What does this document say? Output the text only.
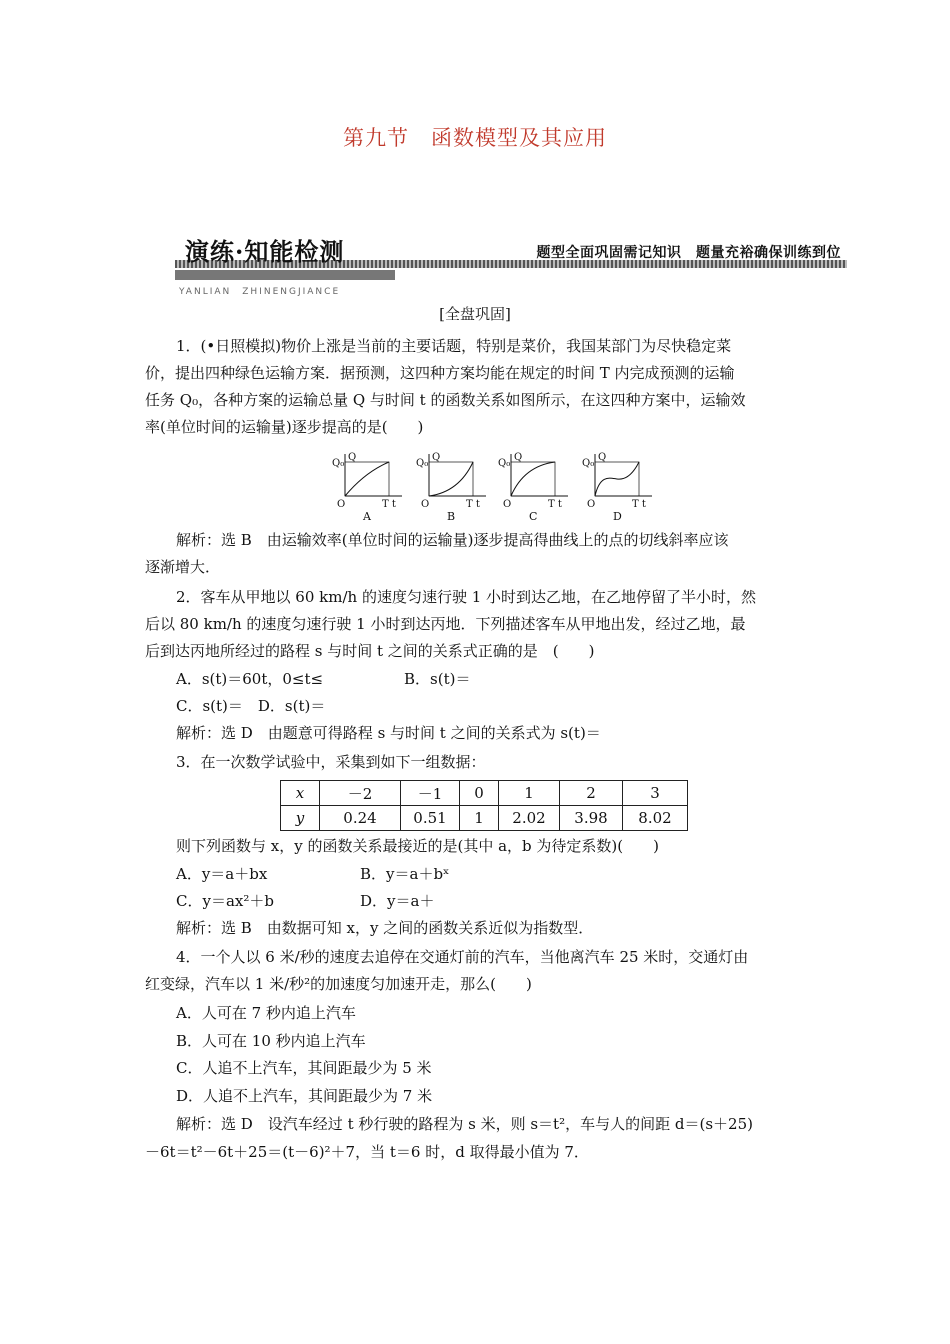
第九节　函数模型及其应用
演练·知能检测
YANLIAN　ZHINENGJIANCE
题型全面巩固需记知识　题量充裕确保训练到位
[全盘巩固]
1．(•日照模拟)物价上涨是当前的主要话题，特别是菜价，我国某部门为尽快稳定菜
价，提出四种绿色运输方案．据预测，这四种方案均能在规定的时间 T 内完成预测的运输
任务 Q₀，各种方案的运输总量 Q 与时间 t 的函数关系如图所示，在这四种方案中，运输效
率(单位时间的运输量)逐步提高的是(　　)
Q₀
Q
O	T t
A
Q₀
Q
O	T t
B
Q₀
Q
O	T t
C
Q₀
Q
O	T t
D
解析：选 B　由运输效率(单位时间的运输量)逐步提高得曲线上的点的切线斜率应该
逐渐增大．
2．客车从甲地以 60 km/h 的速度匀速行驶 1 小时到达乙地，在乙地停留了半小时，然
后以 80 km/h 的速度匀速行驶 1 小时到达丙地．下列描述客车从甲地出发，经过乙地，最
后到达丙地所经过的路程 s 与时间 t 之间的关系式正确的是　(　　)
A．s(t)＝60t，0≤t≤	B．s(t)＝
C．s(t)＝　D．s(t)＝
解析：选 D　由题意可得路程 s 与时间 t 之间的关系式为 s(t)＝
3．在一次数学试验中，采集到如下一组数据：
x	－2	－1	0	1	2	3
y	0.24	0.51	1	2.02	3.98	8.02
则下列函数与 x，y 的函数关系最接近的是(其中 a，b 为待定系数)(　　)
A．y＝a＋bx	B．y＝a＋bˣ
C．y＝ax²＋b	D．y＝a＋
解析：选 B　由数据可知 x，y 之间的函数关系近似为指数型．
4．一个人以 6 米/秒的速度去追停在交通灯前的汽车，当他离汽车 25 米时，交通灯由
红变绿，汽车以 1 米/秒²的加速度匀加速开走，那么(　　)
A．人可在 7 秒内追上汽车
B．人可在 10 秒内追上汽车
C．人追不上汽车，其间距最少为 5 米
D．人追不上汽车，其间距最少为 7 米
解析：选 D　设汽车经过 t 秒行驶的路程为 s 米，则 s＝t²，车与人的间距 d＝(s＋25)
－6t＝t²－6t＋25＝(t－6)²＋7，当 t＝6 时，d 取得最小值为 7．
